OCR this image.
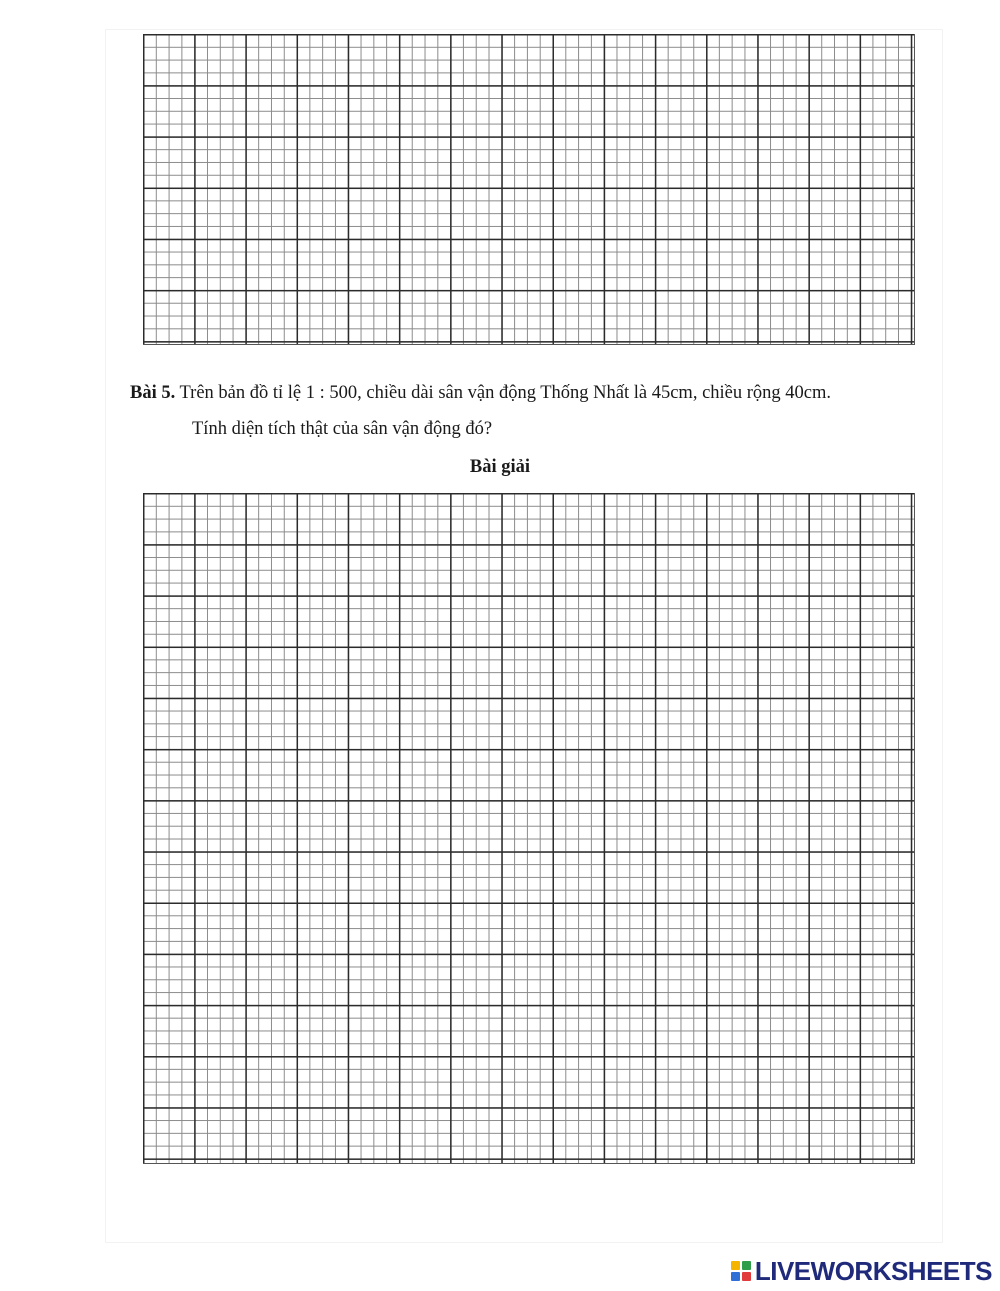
Bài 5. Trên bản đồ tỉ lệ 1 : 500, chiều dài sân vận động Thống Nhất là 45cm, chiều rộng 40cm.
Tính diện tích thật của sân vận động đó?
Bài giải
LIVEWORKSHEETS
